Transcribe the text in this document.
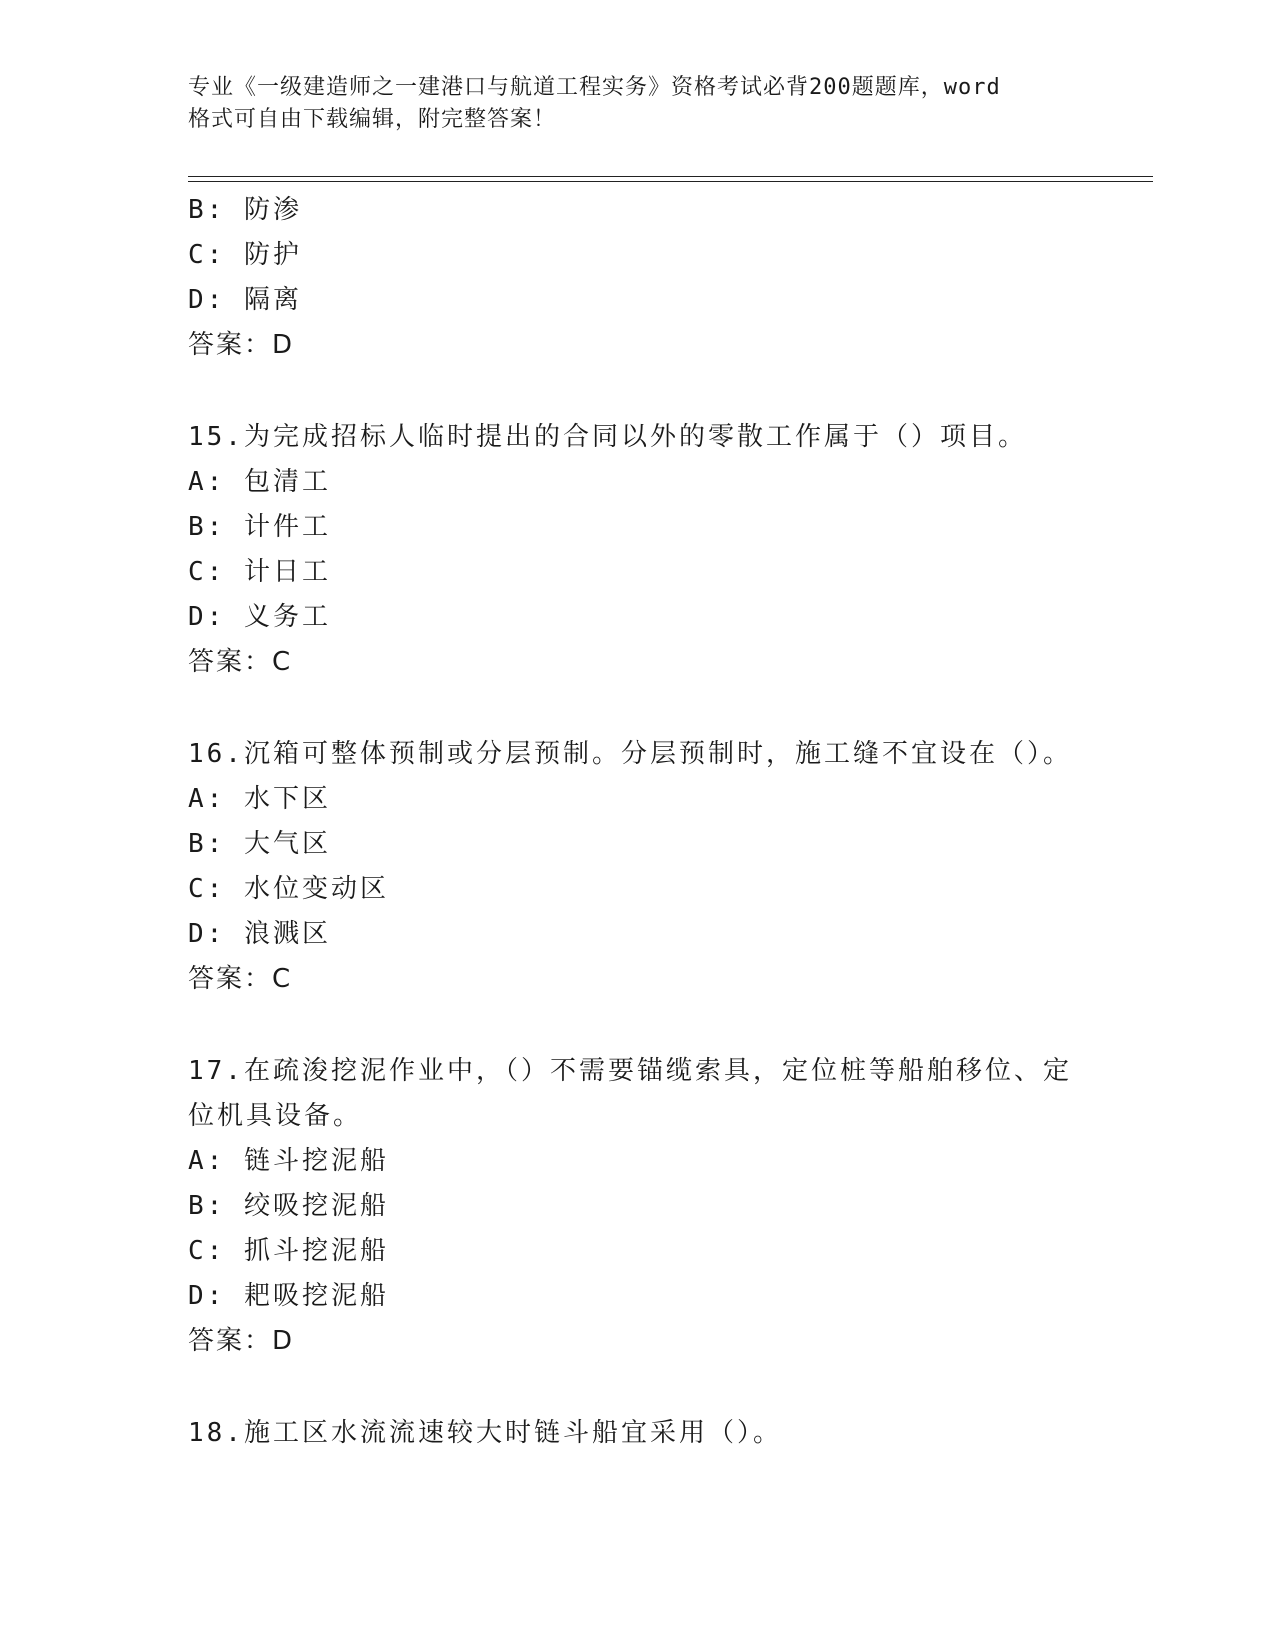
专业《一级建造师之一建港口与航道工程实务》资格考试必背200题题库，word
格式可自由下载编辑，附完整答案！
B: 防渗
C: 防护
D: 隔离
答案：D
15.为完成招标人临时提出的合同以外的零散工作属于（）项目。
A: 包清工
B: 计件工
C: 计日工
D: 义务工
答案：C
16.沉箱可整体预制或分层预制。分层预制时，施工缝不宜设在（）。
A: 水下区
B: 大气区
C: 水位变动区
D: 浪溅区
答案：C
17.在疏浚挖泥作业中，（）不需要锚缆索具，定位桩等船舶移位、定
位机具设备。
A: 链斗挖泥船
B: 绞吸挖泥船
C: 抓斗挖泥船
D: 耙吸挖泥船
答案：D
18.施工区水流流速较大时链斗船宜采用（）。
